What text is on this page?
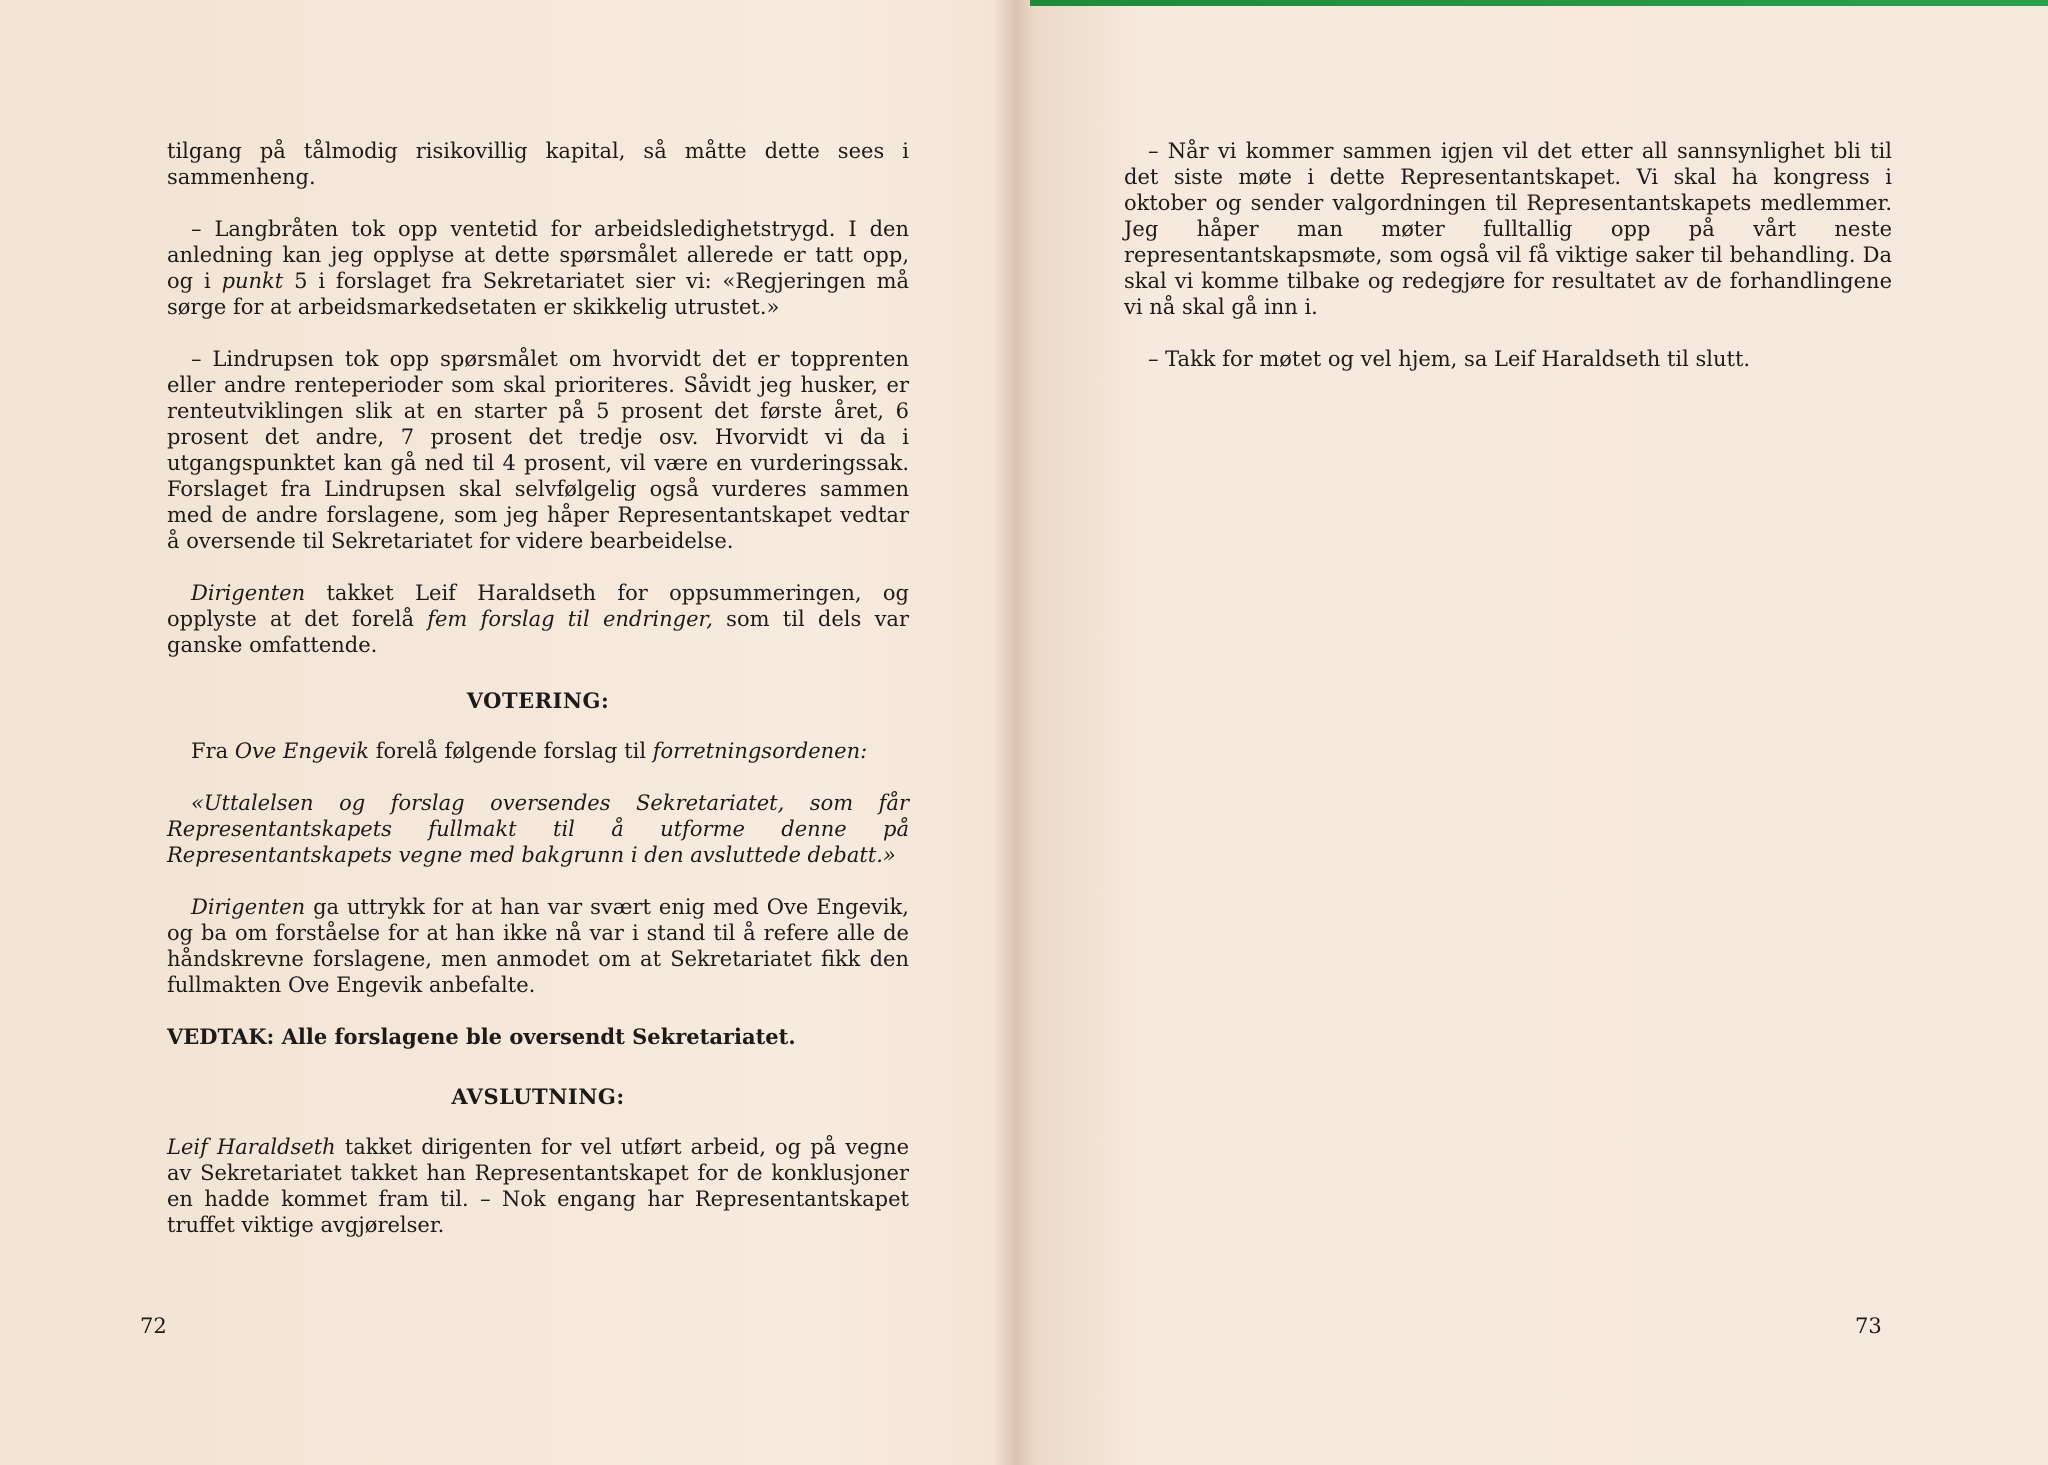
tilgang på tålmodig risikovillig kapital, så måtte dette sees i sammenheng.

– Langbråten tok opp ventetid for arbeidsledighetstrygd. I den anledning kan jeg opplyse at dette spørsmålet allerede er tatt opp, og i punkt 5 i forslaget fra Sekretariatet sier vi: «Regjeringen må sørge for at arbeidsmarkedsetaten er skikkelig utrustet.»

– Lindrupsen tok opp spørsmålet om hvorvidt det er topprenten eller andre renteperioder som skal prioriteres. Såvidt jeg husker, er renteutviklingen slik at en starter på 5 prosent det første året, 6 prosent det andre, 7 prosent det tredje osv. Hvorvidt vi da i utgangspunktet kan gå ned til 4 prosent, vil være en vurderingssak. Forslaget fra Lindrupsen skal selvfølgelig også vurderes sammen med de andre forslagene, som jeg håper Representantskapet vedtar å oversende til Sekretariatet for videre bearbeidelse.

Dirigenten takket Leif Haraldseth for oppsummeringen, og opplyste at det forelå fem forslag til endringer, som til dels var ganske omfattende.

VOTERING:

Fra Ove Engevik forelå følgende forslag til forretningsordenen:

«Uttalelsen og forslag oversendes Sekretariatet, som får Representantskapets fullmakt til å utforme denne på Representantskapets vegne med bakgrunn i den avsluttede debatt.»

Dirigenten ga uttrykk for at han var svært enig med Ove Engevik, og ba om forståelse for at han ikke nå var i stand til å refere alle de håndskrevne forslagene, men anmodet om at Sekretariatet fikk den fullmakten Ove Engevik anbefalte.

VEDTAK: Alle forslagene ble oversendt Sekretariatet.

AVSLUTNING:

Leif Haraldseth takket dirigenten for vel utført arbeid, og på vegne av Sekretariatet takket han Representantskapet for de konklusjoner en hadde kommet fram til. – Nok engang har Representantskapet truffet viktige avgjørelser.

72

– Når vi kommer sammen igjen vil det etter all sannsynlighet bli til det siste møte i dette Representantskapet. Vi skal ha kongress i oktober og sender valgordningen til Representantskapets medlemmer. Jeg håper man møter fulltallig opp på vårt neste representantskapsmøte, som også vil få viktige saker til behandling. Da skal vi komme tilbake og redegjøre for resultatet av de forhandlingene vi nå skal gå inn i.

– Takk for møtet og vel hjem, sa Leif Haraldseth til slutt.

73
